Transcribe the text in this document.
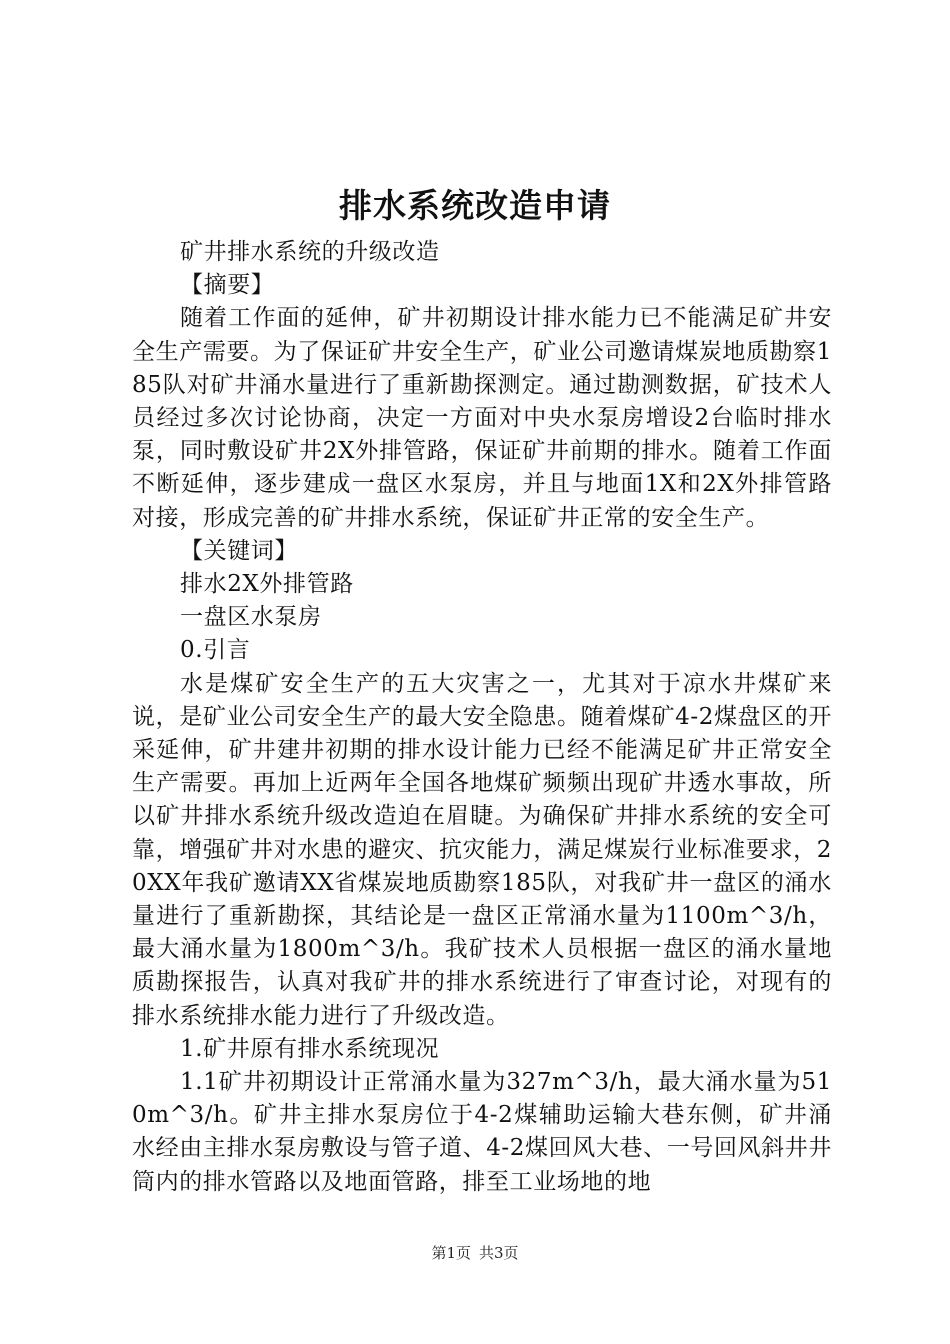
排水系统改造申请

矿井排水系统的升级改造

【摘要】

随着工作面的延伸，矿井初期设计排水能力已不能满足矿井安全生产需要。为了保证矿井安全生产，矿业公司邀请煤炭地质勘察185队对矿井涌水量进行了重新勘探测定。通过勘测数据，矿技术人员经过多次讨论协商，决定一方面对中央水泵房增设2台临时排水泵，同时敷设矿井2X外排管路，保证矿井前期的排水。随着工作面不断延伸，逐步建成一盘区水泵房，并且与地面1X和2X外排管路对接，形成完善的矿井排水系统，保证矿井正常的安全生产。

【关键词】

排水2X外排管路

一盘区水泵房

0.引言

水是煤矿安全生产的五大灾害之一，尤其对于凉水井煤矿来说，是矿业公司安全生产的最大安全隐患。随着煤矿4-2煤盘区的开采延伸，矿井建井初期的排水设计能力已经不能满足矿井正常安全生产需要。再加上近两年全国各地煤矿频频出现矿井透水事故，所以矿井排水系统升级改造迫在眉睫。为确保矿井排水系统的安全可靠，增强矿井对水患的避灾、抗灾能力，满足煤炭行业标准要求，20XX年我矿邀请XX省煤炭地质勘察185队，对我矿井一盘区的涌水量进行了重新勘探，其结论是一盘区正常涌水量为1100m^3/h，最大涌水量为1800m^3/h。我矿技术人员根据一盘区的涌水量地质勘探报告，认真对我矿井的排水系统进行了审查讨论，对现有的排水系统排水能力进行了升级改造。

1.矿井原有排水系统现况

1.1矿井初期设计正常涌水量为327m^3/h，最大涌水量为510m^3/h。矿井主排水泵房位于4-2煤辅助运输大巷东侧，矿井涌水经由主排水泵房敷设与管子道、4-2煤回风大巷、一号回风斜井井筒内的排水管路以及地面管路，排至工业场地的地

第1页 共3页
